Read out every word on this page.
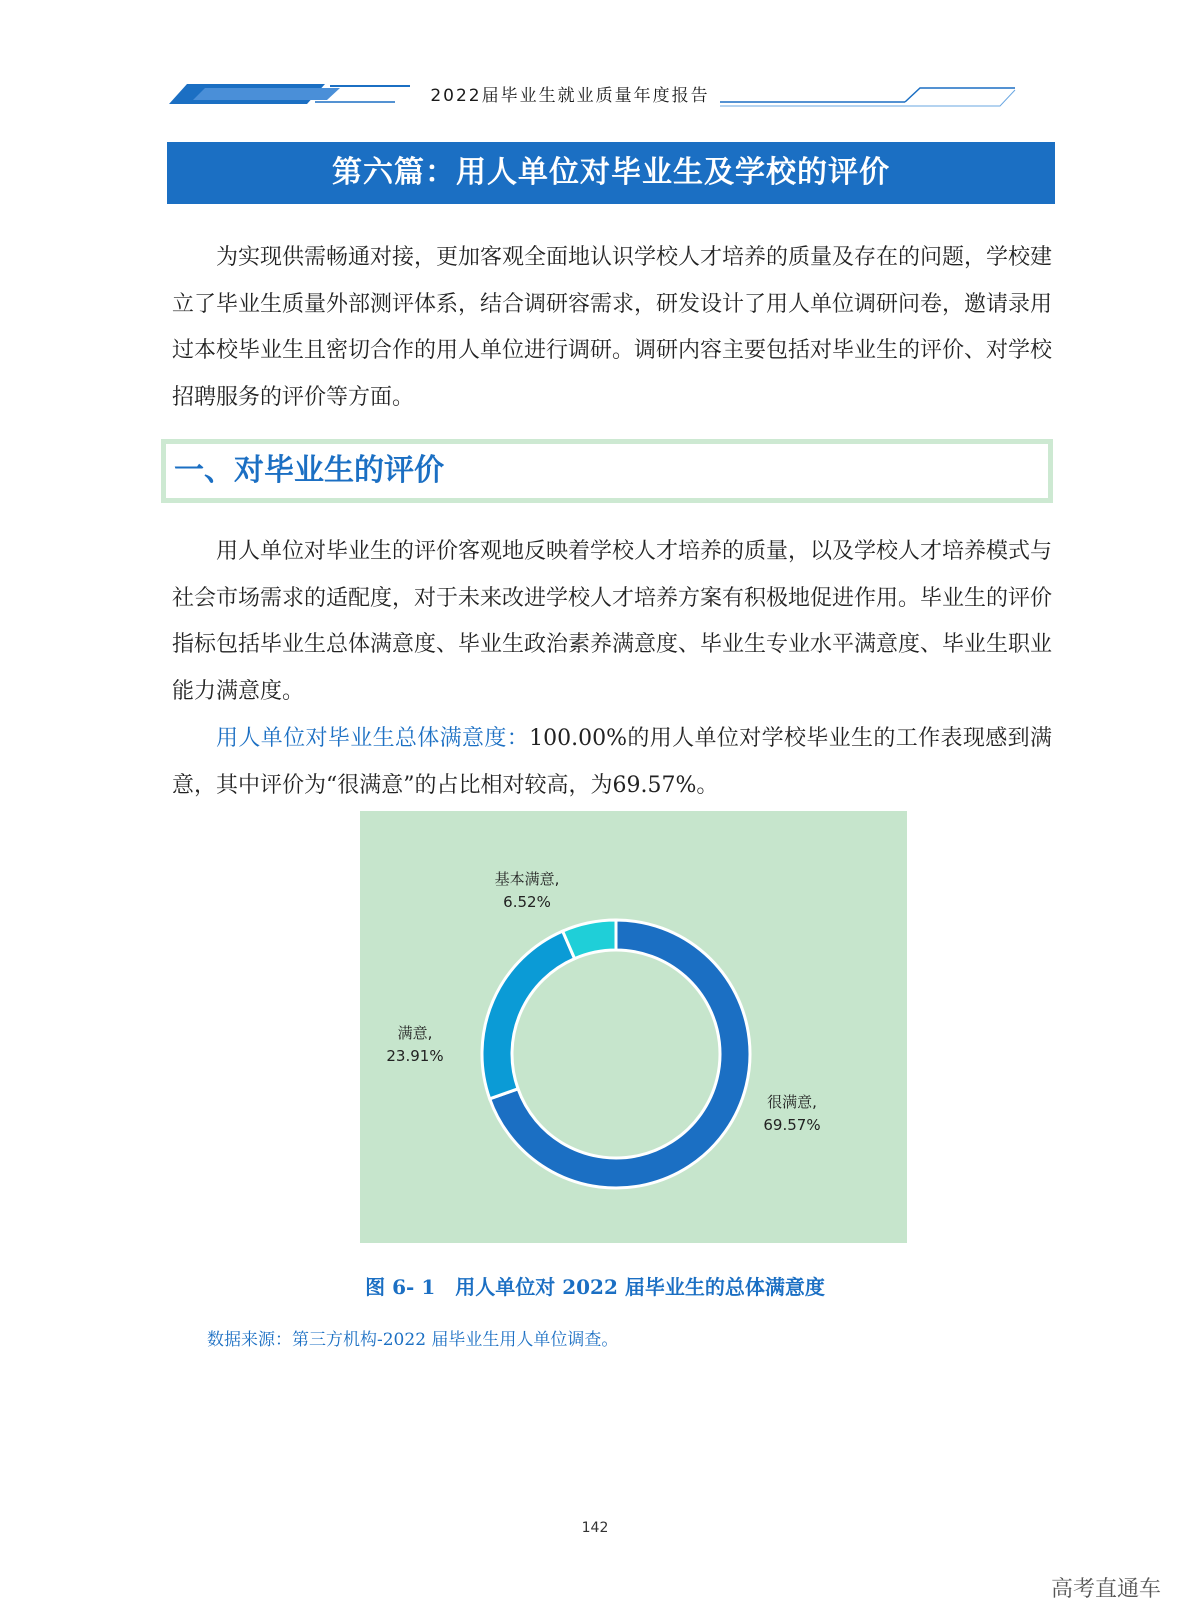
2022届毕业生就业质量年度报告
第六篇：用人单位对毕业生及学校的评价

为实现供需畅通对接，更加客观全面地认识学校人才培养的质量及存在的问题，学校建立了毕业生质量外部测评体系，结合调研容需求，研发设计了用人单位调研问卷，邀请录用过本校毕业生且密切合作的用人单位进行调研。调研内容主要包括对毕业生的评价、对学校招聘服务的评价等方面。

一、对毕业生的评价

用人单位对毕业生的评价客观地反映着学校人才培养的质量，以及学校人才培养模式与社会市场需求的适配度，对于未来改进学校人才培养方案有积极地促进作用。毕业生的评价指标包括毕业生总体满意度、毕业生政治素养满意度、毕业生专业水平满意度、毕业生职业能力满意度。

用人单位对毕业生总体满意度：100.00%的用人单位对学校毕业生的工作表现感到满意，其中评价为“很满意”的占比相对较高，为69.57%。

很满意,
69.57%
满意,
23.91%
基本满意,
6.52%
图 6- 1　用人单位对 2022 届毕业生的总体满意度
数据来源：第三方机构-2022 届毕业生用人单位调查。
142
高考直通车
